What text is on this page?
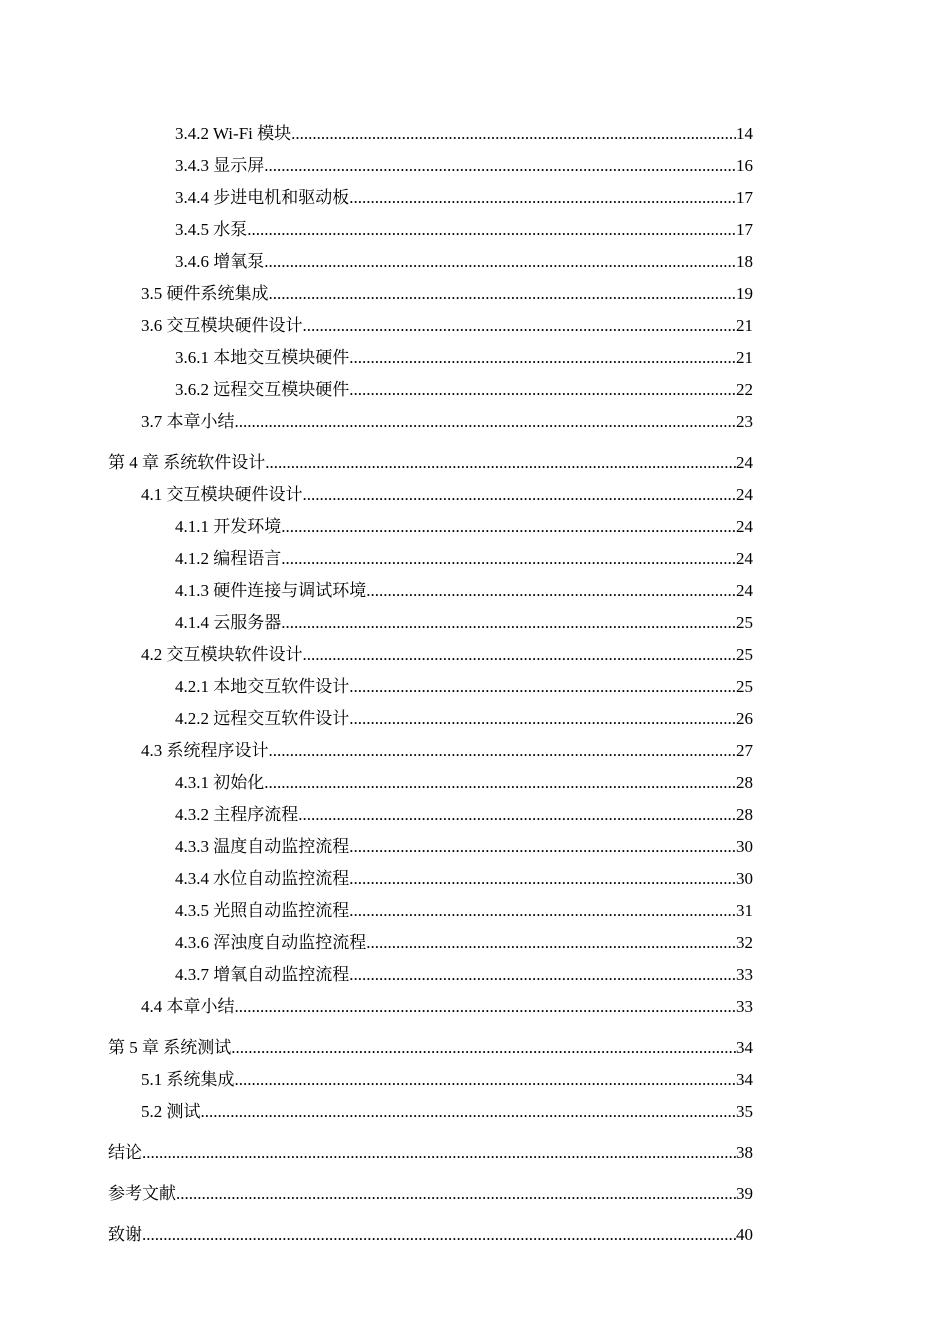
3.4.2 Wi-Fi 模块 .....	14
3.4.3 显示屏 .....	16
3.4.4 步进电机和驱动板 .....	17
3.4.5 水泵 .....	17
3.4.6 增氧泵 .....	18
3.5 硬件系统集成 .....	19
3.6 交互模块硬件设计 .....	21
3.6.1 本地交互模块硬件 .....	21
3.6.2 远程交互模块硬件 .....	22
3.7 本章小结 .....	23
第 4 章 系统软件设计 .....	24
4.1 交互模块硬件设计 .....	24
4.1.1 开发环境 .....	24
4.1.2 编程语言 .....	24
4.1.3 硬件连接与调试环境 .....	24
4.1.4 云服务器 .....	25
4.2 交互模块软件设计 .....	25
4.2.1 本地交互软件设计 .....	25
4.2.2 远程交互软件设计 .....	26
4.3 系统程序设计 .....	27
4.3.1 初始化 .....	28
4.3.2 主程序流程 .....	28
4.3.3 温度自动监控流程 .....	30
4.3.4 水位自动监控流程 .....	30
4.3.5 光照自动监控流程 .....	31
4.3.6 浑浊度自动监控流程 .....	32
4.3.7 增氧自动监控流程 .....	33
4.4 本章小结 .....	33
第 5 章 系统测试 .....	34
5.1 系统集成 .....	34
5.2 测试 .....	35
结论 .....	38
参考文献 .....	39
致谢 .....	40
